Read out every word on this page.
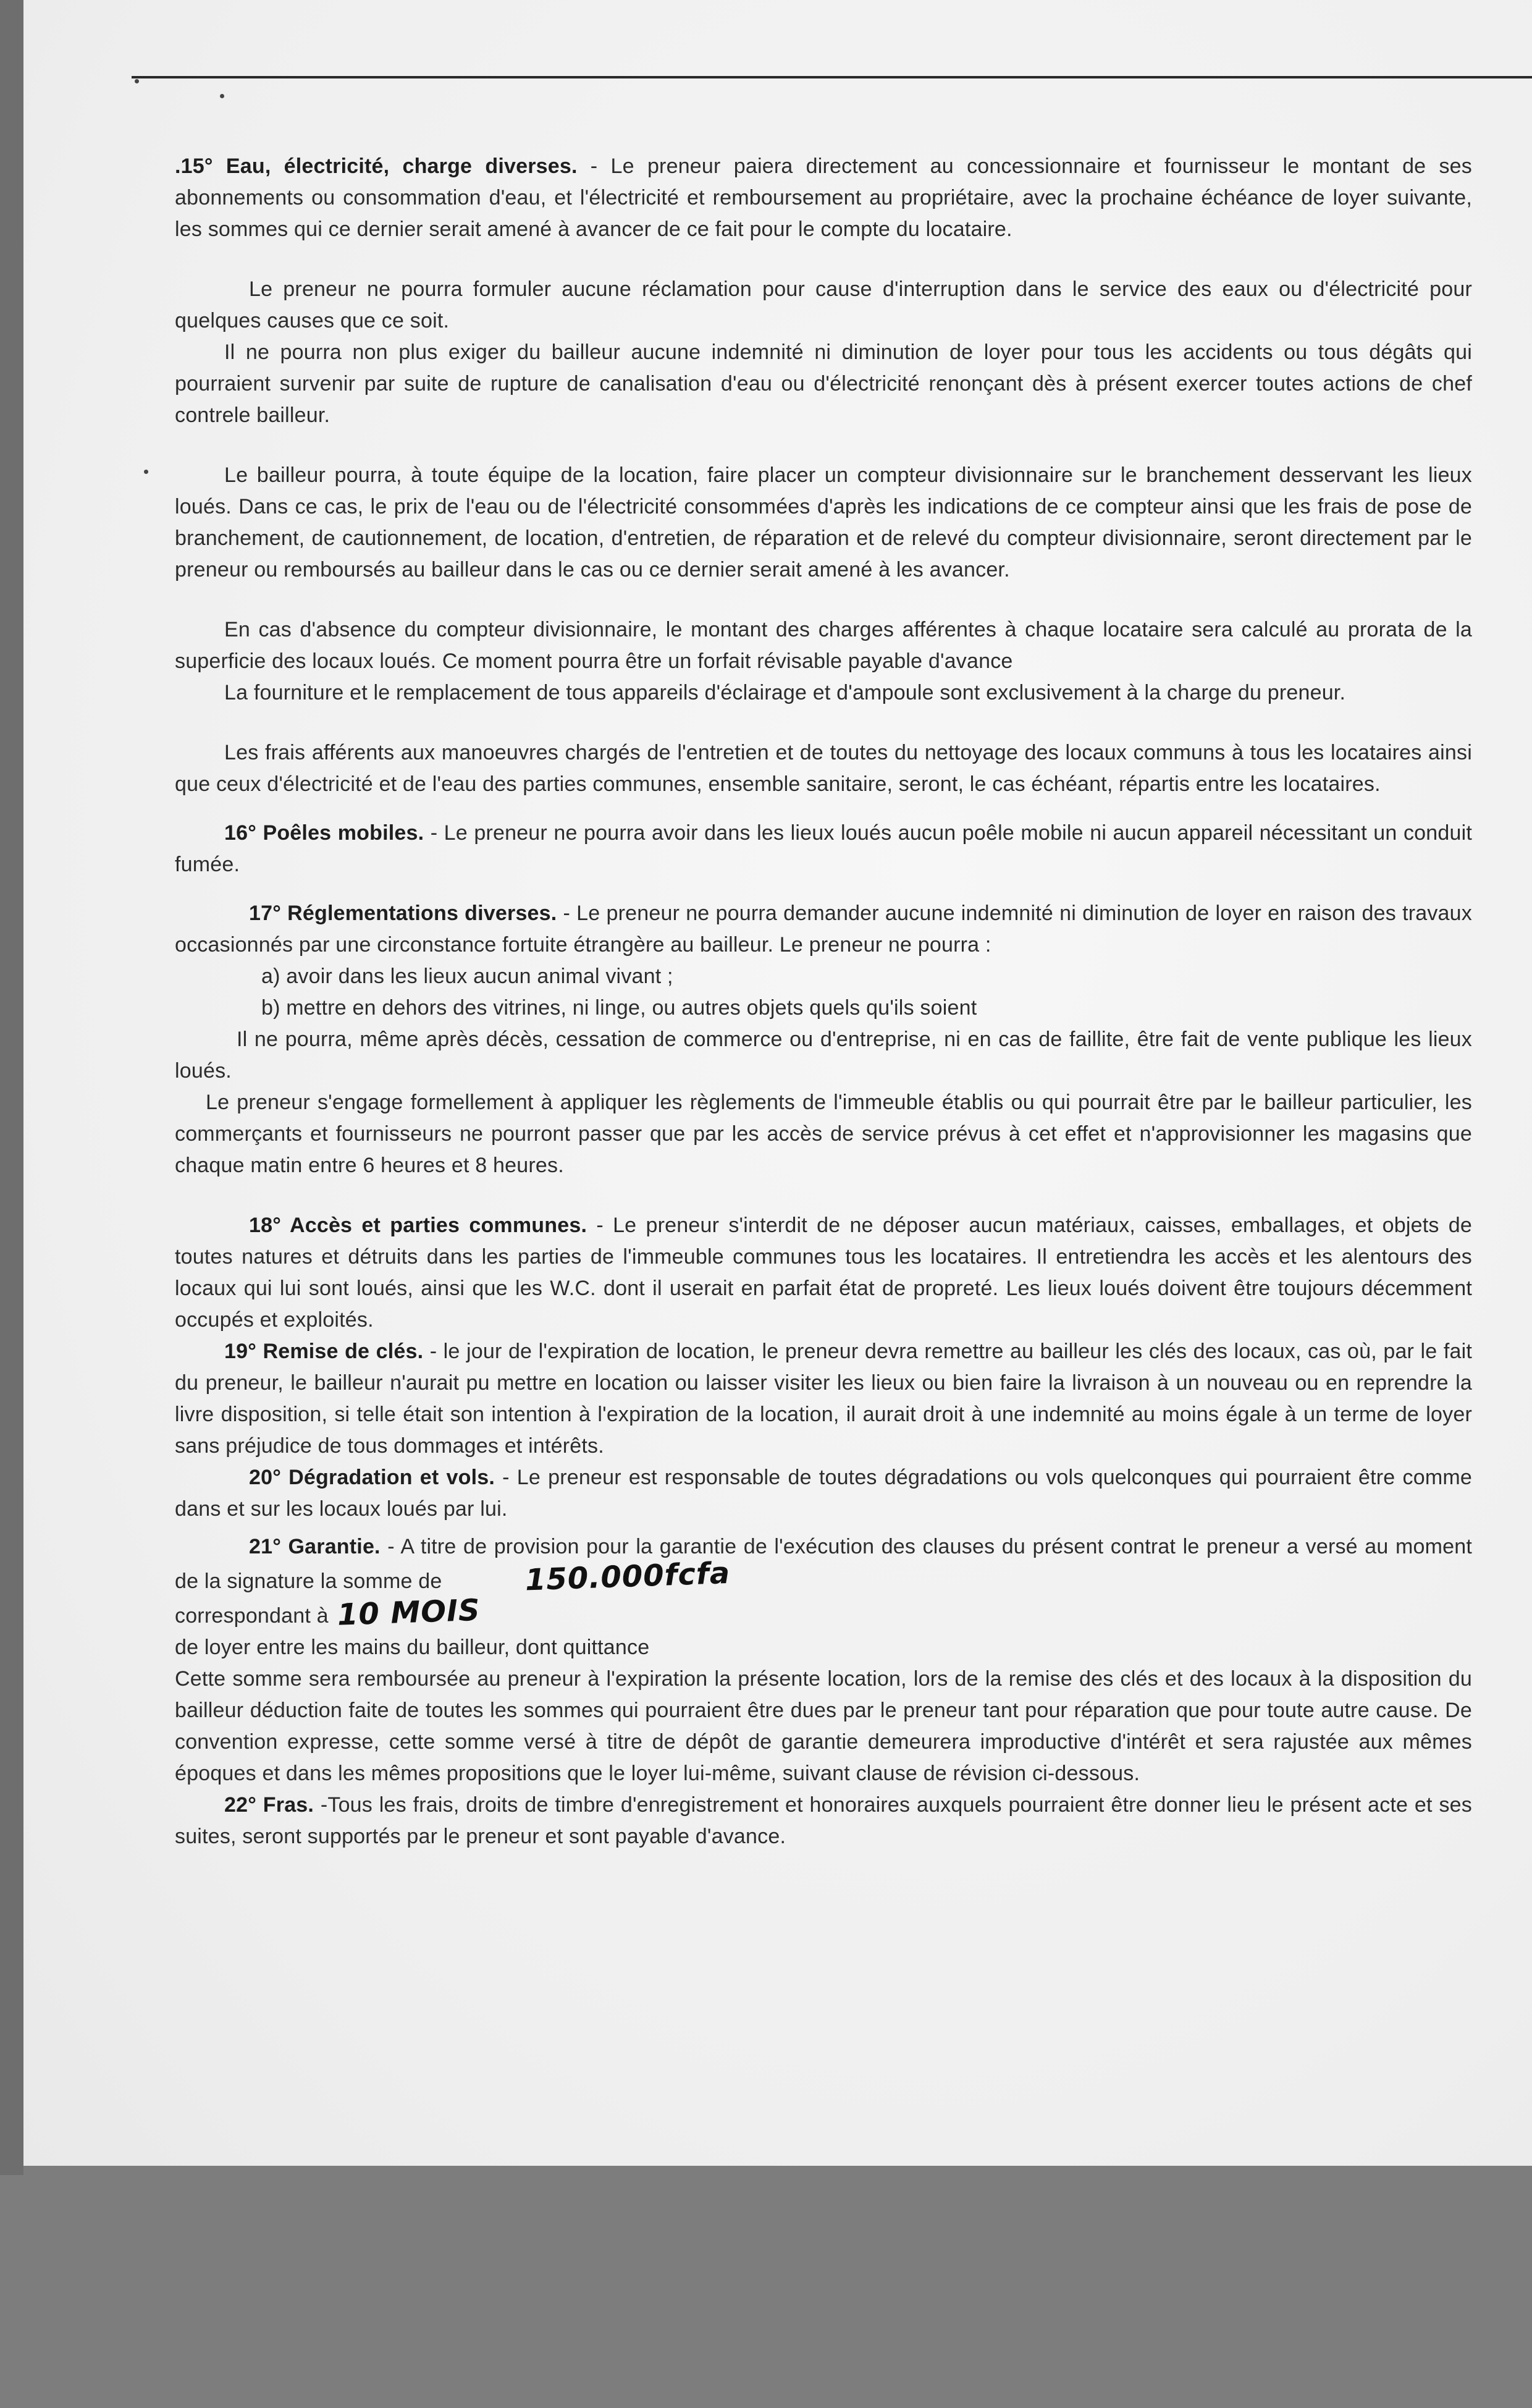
.15° Eau, électricité, charge diverses. - Le preneur paiera directement au concessionnaire et fournisseur le montant de ses abonnements ou consommation d'eau, et l'électricité et remboursement au propriétaire, avec la prochaine échéance de loyer suivante, les sommes qui ce dernier serait amené à avancer de ce fait pour le compte du locataire.

Le preneur ne pourra formuler aucune réclamation pour cause d'interruption dans le service des eaux ou d'électricité pour quelques causes que ce soit.

Il ne pourra non plus exiger du bailleur aucune indemnité ni diminution de loyer pour tous les accidents ou tous dégâts qui pourraient survenir par suite de rupture de canalisation d'eau ou d'électricité renonçant dès à présent exercer toutes actions de chef contrele bailleur.

Le bailleur pourra, à toute équipe de la location, faire placer un compteur divisionnaire sur le branchement desservant les lieux loués. Dans ce cas, le prix de l'eau ou de l'électricité consommées d'après les indications de ce compteur ainsi que les frais de pose de branchement, de cautionnement, de location, d'entretien, de réparation et de relevé du compteur divisionnaire, seront directement par le preneur ou remboursés au bailleur dans le cas ou ce dernier serait amené à les avancer.

En cas d'absence du compteur divisionnaire, le montant des charges afférentes à chaque locataire sera calculé au prorata de la superficie des locaux loués. Ce moment pourra être un forfait révisable payable d'avance

La fourniture et le remplacement de tous appareils d'éclairage et d'ampoule sont exclusivement à la charge du preneur.

Les frais afférents aux manoeuvres chargés de l'entretien et de toutes du nettoyage des locaux communs à tous les locataires ainsi que ceux d'électricité et de l'eau des parties communes, ensemble sanitaire, seront, le cas échéant, répartis entre les locataires.

16° Poêles mobiles. - Le preneur ne pourra avoir dans les lieux loués aucun poêle mobile ni aucun appareil nécessitant un conduit fumée.

17° Réglementations diverses. - Le preneur ne pourra demander aucune indemnité ni diminution de loyer en raison des travaux occasionnés par une circonstance fortuite étrangère au bailleur. Le preneur ne pourra :

a) avoir dans les lieux aucun animal vivant ;

b) mettre en dehors des vitrines, ni linge, ou autres objets quels qu'ils soient

Il ne pourra, même après décès, cessation de commerce ou d'entreprise, ni en cas de faillite, être fait de vente publique les lieux loués.

Le preneur s'engage formellement à appliquer les règlements de l'immeuble établis ou qui pourrait être par le bailleur particulier, les commerçants et fournisseurs ne pourront passer que par les accès de service prévus à cet effet et n'approvisionner les magasins que chaque matin entre 6 heures et 8 heures.

18° Accès et parties communes. - Le preneur s'interdit de ne déposer aucun matériaux, caisses, emballages, et objets de toutes natures et détruits dans les parties de l'immeuble communes tous les locataires. Il entretiendra les accès et les alentours des locaux qui lui sont loués, ainsi que les W.C. dont il userait en parfait état de propreté. Les lieux loués doivent être toujours décemment occupés et exploités.

19° Remise de clés. - le jour de l'expiration de location, le preneur devra remettre au bailleur les clés des locaux, cas où, par le fait du preneur, le bailleur n'aurait pu mettre en location ou laisser visiter les lieux ou bien faire la livraison à un nouveau ou en reprendre la livre disposition, si telle était son intention à l'expiration de la location, il aurait droit à une indemnité au moins égale à un terme de loyer sans préjudice de tous dommages et intérêts.

20° Dégradation et vols. - Le preneur est responsable de toutes dégradations ou vols quelconques qui pourraient être comme dans et sur les locaux loués par lui.

21° Garantie. - A titre de provision pour la garantie de l'exécution des clauses du présent contrat le preneur a versé au moment de la signature la somme de	150.000fcfa

correspondant à 10 MOIS

de loyer entre les mains du bailleur, dont quittance

Cette somme sera remboursée au preneur à l'expiration la présente location, lors de la remise des clés et des locaux à la disposition du bailleur déduction faite de toutes les sommes qui pourraient être dues par le preneur tant pour réparation que pour toute autre cause. De convention expresse, cette somme versé à titre de dépôt de garantie demeurera improductive d'intérêt et sera rajustée aux mêmes époques et dans les mêmes propositions que le loyer lui-même, suivant clause de révision ci-dessous.

22° Fras. -Tous les frais, droits de timbre d'enregistrement et honoraires auxquels pourraient être donner lieu le présent acte et ses suites, seront supportés par le preneur et sont payable d'avance.
